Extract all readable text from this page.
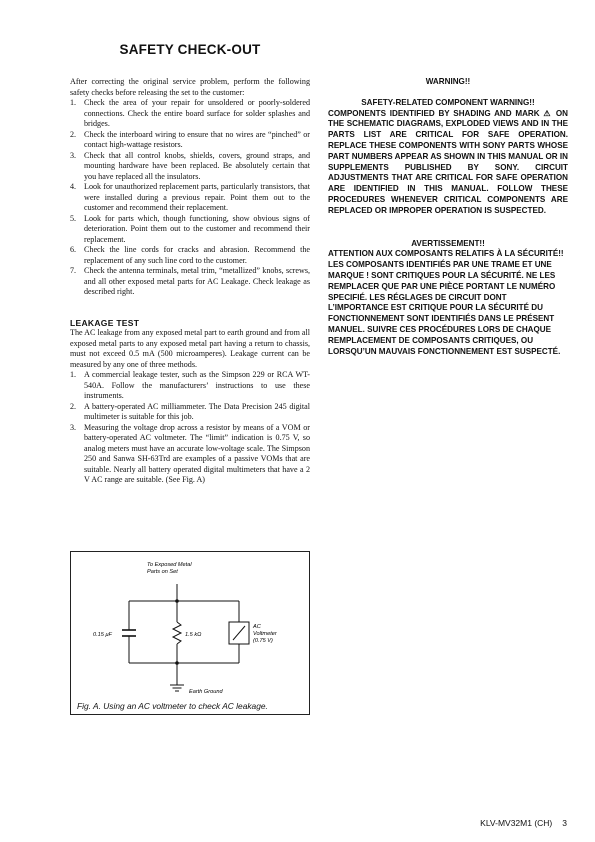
SAFETY CHECK-OUT

After correcting the original service problem, perform the following safety checks before releasing the set to the customer:

1. Check the area of your repair for unsoldered or poorly-soldered connections. Check the entire board surface for solder splashes and bridges.
2. Check the interboard wiring to ensure that no wires are “pinched” or contact high-wattage resistors.
3. Check that all control knobs, shields, covers, ground straps, and mounting hardware have been replaced. Be absolutely certain that you have replaced all the insulators.
4. Look for unauthorized replacement parts, particularly transistors, that were installed during a previous repair. Point them out to the customer and recommend their replacement.
5. Look for parts which, though functioning, show obvious signs of deterioration. Point them out to the customer and recommend their replacement.
6. Check the line cords for cracks and abrasion. Recommend the replacement of any such line cord to the customer.
7. Check the antenna terminals, metal trim, “metallized” knobs, screws, and all other exposed metal parts for AC Leakage. Check leakage as described right.
LEAKAGE TEST

The AC leakage from any exposed metal part to earth ground and from all exposed metal parts to any exposed metal part having a return to chassis, must not exceed 0.5 mA (500 microamperes). Leakage current can be measured by any one of three methods.

1. A commercial leakage tester, such as the Simpson 229 or RCA WT-540A. Follow the manufacturers’ instructions to use these instruments.
2. A battery-operated AC milliammeter. The Data Precision 245 digital multimeter is suitable for this job.
3. Measuring the voltage drop across a resistor by means of a VOM or battery-operated AC voltmeter. The “limit” indication is 0.75 V, so analog meters must have an accurate low-voltage scale. The Simpson 250 and Sanwa SH-63Trd are examples of a passive VOMs that are suitable. Nearly all battery operated digital multimeters that have a 2 V AC range are suitable. (See Fig. A)
WARNING!!
SAFETY-RELATED COMPONENT WARNING!!
COMPONENTS IDENTIFIED BY SHADING AND MARK ⚠ ON THE SCHEMATIC DIAGRAMS, EXPLODED VIEWS AND IN THE PARTS LIST ARE CRITICAL FOR SAFE OPERATION. REPLACE THESE COMPONENTS WITH SONY PARTS WHOSE PART NUMBERS APPEAR AS SHOWN IN THIS MANUAL OR IN SUPPLEMENTS PUBLISHED BY SONY. CIRCUIT ADJUSTMENTS THAT ARE CRITICAL FOR SAFE OPERATION ARE IDENTIFIED IN THIS MANUAL. FOLLOW THESE PROCEDURES WHENEVER CRITICAL COMPONENTS ARE REPLACED OR IMPROPER OPERATION IS SUSPECTED.
AVERTISSEMENT!!
ATTENTION AUX COMPOSANTS RELATIFS À LA SÉCURITÉ!!
LES COMPOSANTS IDENTIFIÉS PAR UNE TRAME ET UNE MARQUE ! SONT CRITIQUES POUR LA SÉCURITÉ. NE LES REMPLACER QUE PAR UNE PIÈCE PORTANT LE NUMÉRO SPECIFIÉ. LES RÉGLAGES DE CIRCUIT DONT L’IMPORTANCE EST CRITIQUE POUR LA SÉCURITÉ DU FONCTIONNEMENT SONT IDENTIFIÉS DANS LE PRÉSENT MANUEL. SUIVRE CES PROCÉDURES LORS DE CHAQUE REMPLACEMENT DE COMPOSANTS CRITIQUES, OU LORSQU’UN MAUVAIS FONCTIONNEMENT EST SUSPECTÉ.
To Exposed Metal
Parts on Set
0.15 μF	1.5 kΩ
AC
Voltmeter
(0.75 V)
Earth Ground
Fig. A. Using an AC voltmeter to check AC leakage.
KLV-MV32M1 (CH) 3
